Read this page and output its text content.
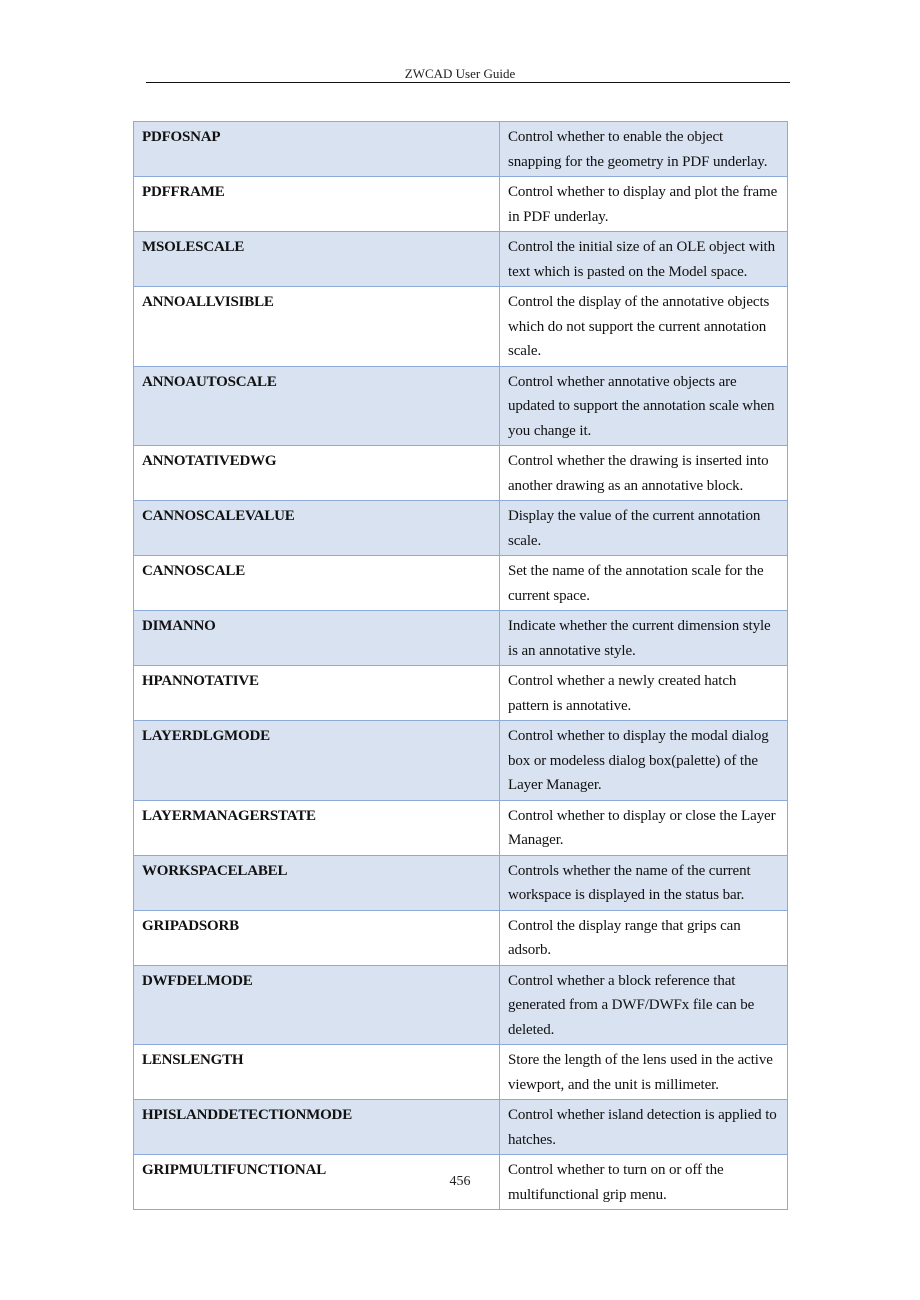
ZWCAD User Guide
PDFOSNAP	Control whether to enable the object snapping for the geometry in PDF underlay.
PDFFRAME	Control whether to display and plot the frame in PDF underlay.
MSOLESCALE	Control the initial size of an OLE object with text which is pasted on the Model space.
ANNOALLVISIBLE	Control the display of the annotative objects which do not support the current annotation scale.
ANNOAUTOSCALE	Control whether annotative objects are updated to support the annotation scale when you change it.
ANNOTATIVEDWG	Control whether the drawing is inserted into another drawing as an annotative block.
CANNOSCALEVALUE	Display the value of the current annotation scale.
CANNOSCALE	Set the name of the annotation scale for the current space.
DIMANNO	Indicate whether the current dimension style is an annotative style.
HPANNOTATIVE	Control whether a newly created hatch pattern is annotative.
LAYERDLGMODE	Control whether to display the modal dialog box or modeless dialog box(palette) of the Layer Manager.
LAYERMANAGERSTATE	Control whether to display or close the Layer Manager.
WORKSPACELABEL	Controls whether the name of the current workspace is displayed in the status bar.
GRIPADSORB	Control the display range that grips can adsorb.
DWFDELMODE	Control whether a block reference that generated from a DWF/DWFx file can be deleted.
LENSLENGTH	Store the length of the lens used in the active viewport, and the unit is millimeter.
HPISLANDDETECTIONMODE	Control whether island detection is applied to hatches.
GRIPMULTIFUNCTIONAL	Control whether to turn on or off the multifunctional grip menu.
456
